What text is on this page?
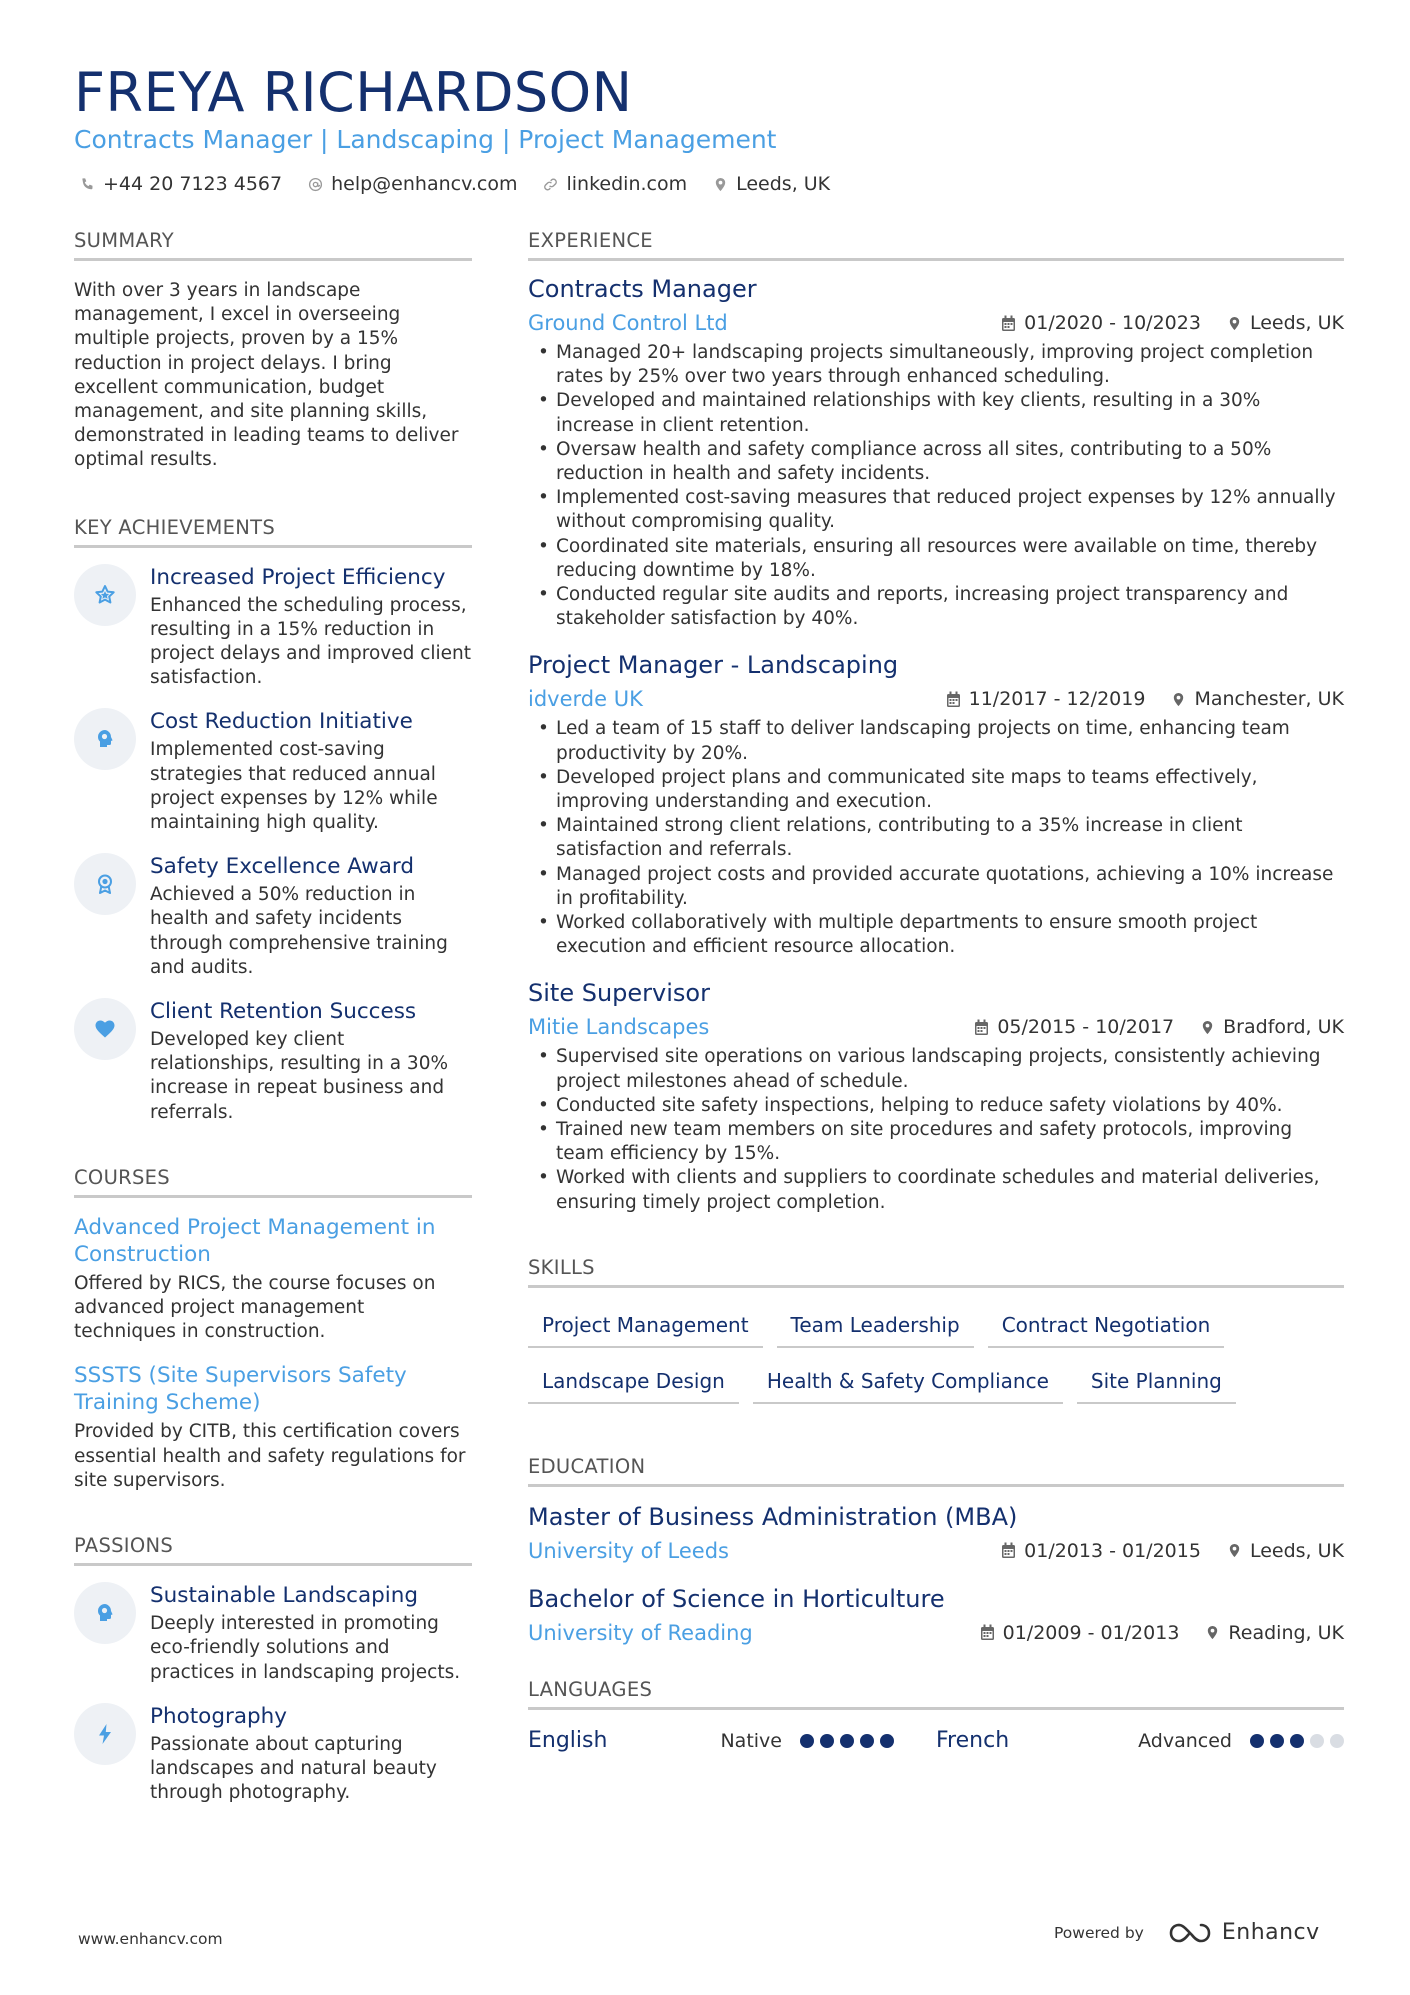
FREYA RICHARDSON
Contracts Manager | Landscaping | Project Management
+44 20 7123 4567	help@enhancv.com	linkedin.com	Leeds, UK
SUMMARY
With over 3 years in landscape management, I excel in overseeing multiple projects, proven by a 15% reduction in project delays. I bring excellent communication, budget management, and site planning skills, demonstrated in leading teams to deliver optimal results.
KEY ACHIEVEMENTS
Increased Project Efficiency
Enhanced the scheduling process, resulting in a 15% reduction in project delays and improved client satisfaction.
Cost Reduction Initiative
Implemented cost-saving strategies that reduced annual project expenses by 12% while maintaining high quality.
Safety Excellence Award
Achieved a 50% reduction in health and safety incidents through comprehensive training and audits.
Client Retention Success
Developed key client relationships, resulting in a 30% increase in repeat business and referrals.
COURSES
Advanced Project Management in Construction
Offered by RICS, the course focuses on advanced project management techniques in construction.
SSSTS (Site Supervisors Safety Training Scheme)
Provided by CITB, this certification covers essential health and safety regulations for site supervisors.
PASSIONS
Sustainable Landscaping
Deeply interested in promoting eco-friendly solutions and practices in landscaping projects.
Photography
Passionate about capturing landscapes and natural beauty through photography.
EXPERIENCE
Contracts Manager
Ground Control Ltd	01/2020 - 10/2023	Leeds, UK
• Managed 20+ landscaping projects simultaneously, improving project completion rates by 25% over two years through enhanced scheduling.
• Developed and maintained relationships with key clients, resulting in a 30% increase in client retention.
• Oversaw health and safety compliance across all sites, contributing to a 50% reduction in health and safety incidents.
• Implemented cost-saving measures that reduced project expenses by 12% annually without compromising quality.
• Coordinated site materials, ensuring all resources were available on time, thereby reducing downtime by 18%.
• Conducted regular site audits and reports, increasing project transparency and stakeholder satisfaction by 40%.
Project Manager - Landscaping
idverde UK	11/2017 - 12/2019	Manchester, UK
• Led a team of 15 staff to deliver landscaping projects on time, enhancing team productivity by 20%.
• Developed project plans and communicated site maps to teams effectively, improving understanding and execution.
• Maintained strong client relations, contributing to a 35% increase in client satisfaction and referrals.
• Managed project costs and provided accurate quotations, achieving a 10% increase in profitability.
• Worked collaboratively with multiple departments to ensure smooth project execution and efficient resource allocation.
Site Supervisor
Mitie Landscapes	05/2015 - 10/2017	Bradford, UK
• Supervised site operations on various landscaping projects, consistently achieving project milestones ahead of schedule.
• Conducted site safety inspections, helping to reduce safety violations by 40%.
• Trained new team members on site procedures and safety protocols, improving team efficiency by 15%.
• Worked with clients and suppliers to coordinate schedules and material deliveries, ensuring timely project completion.
SKILLS
Project Management	Team Leadership	Contract Negotiation
Landscape Design	Health & Safety Compliance	Site Planning
EDUCATION
Master of Business Administration (MBA)
University of Leeds	01/2013 - 01/2015	Leeds, UK
Bachelor of Science in Horticulture
University of Reading	01/2009 - 01/2013	Reading, UK
LANGUAGES
English	Native	French	Advanced
www.enhancv.com	Powered by	Enhancv
